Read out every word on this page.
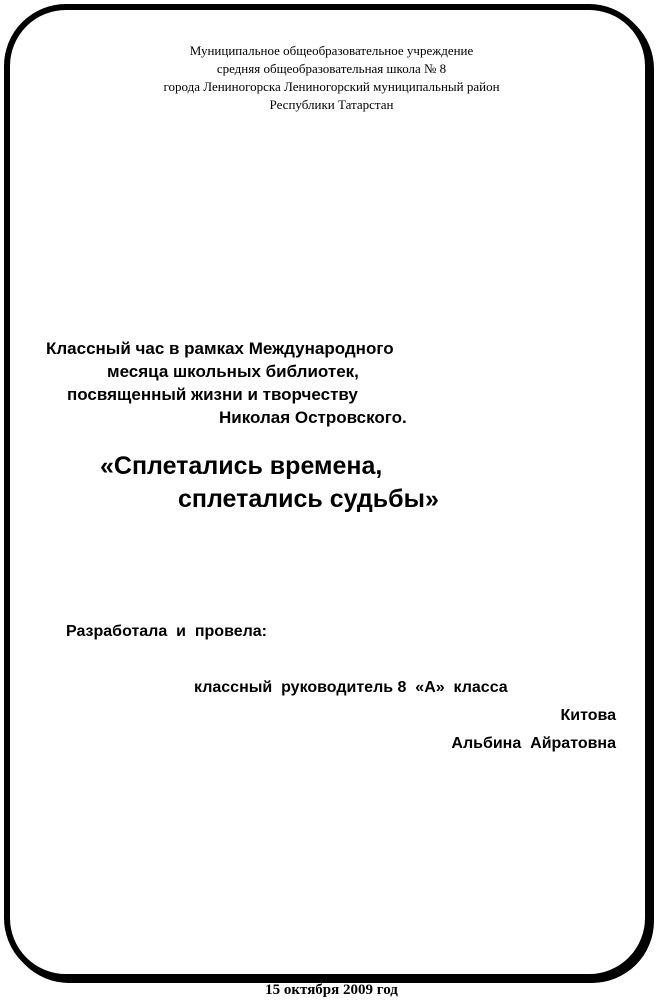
Муниципальное общеобразовательное учреждение
средняя общеобразовательная школа № 8
города Лениногорска Лениногорский муниципальный район
Республики Татарстан
Классный час в рамках Международного
месяца школьных библиотек,
посвященный жизни и творчеству
Николая Островского.
«Сплетались времена,
сплетались судьбы»
Разработала  и  провела:
классный  руководитель 8  «А»  класса
Китова
Альбина  Айратовна
15 октября 2009 год
